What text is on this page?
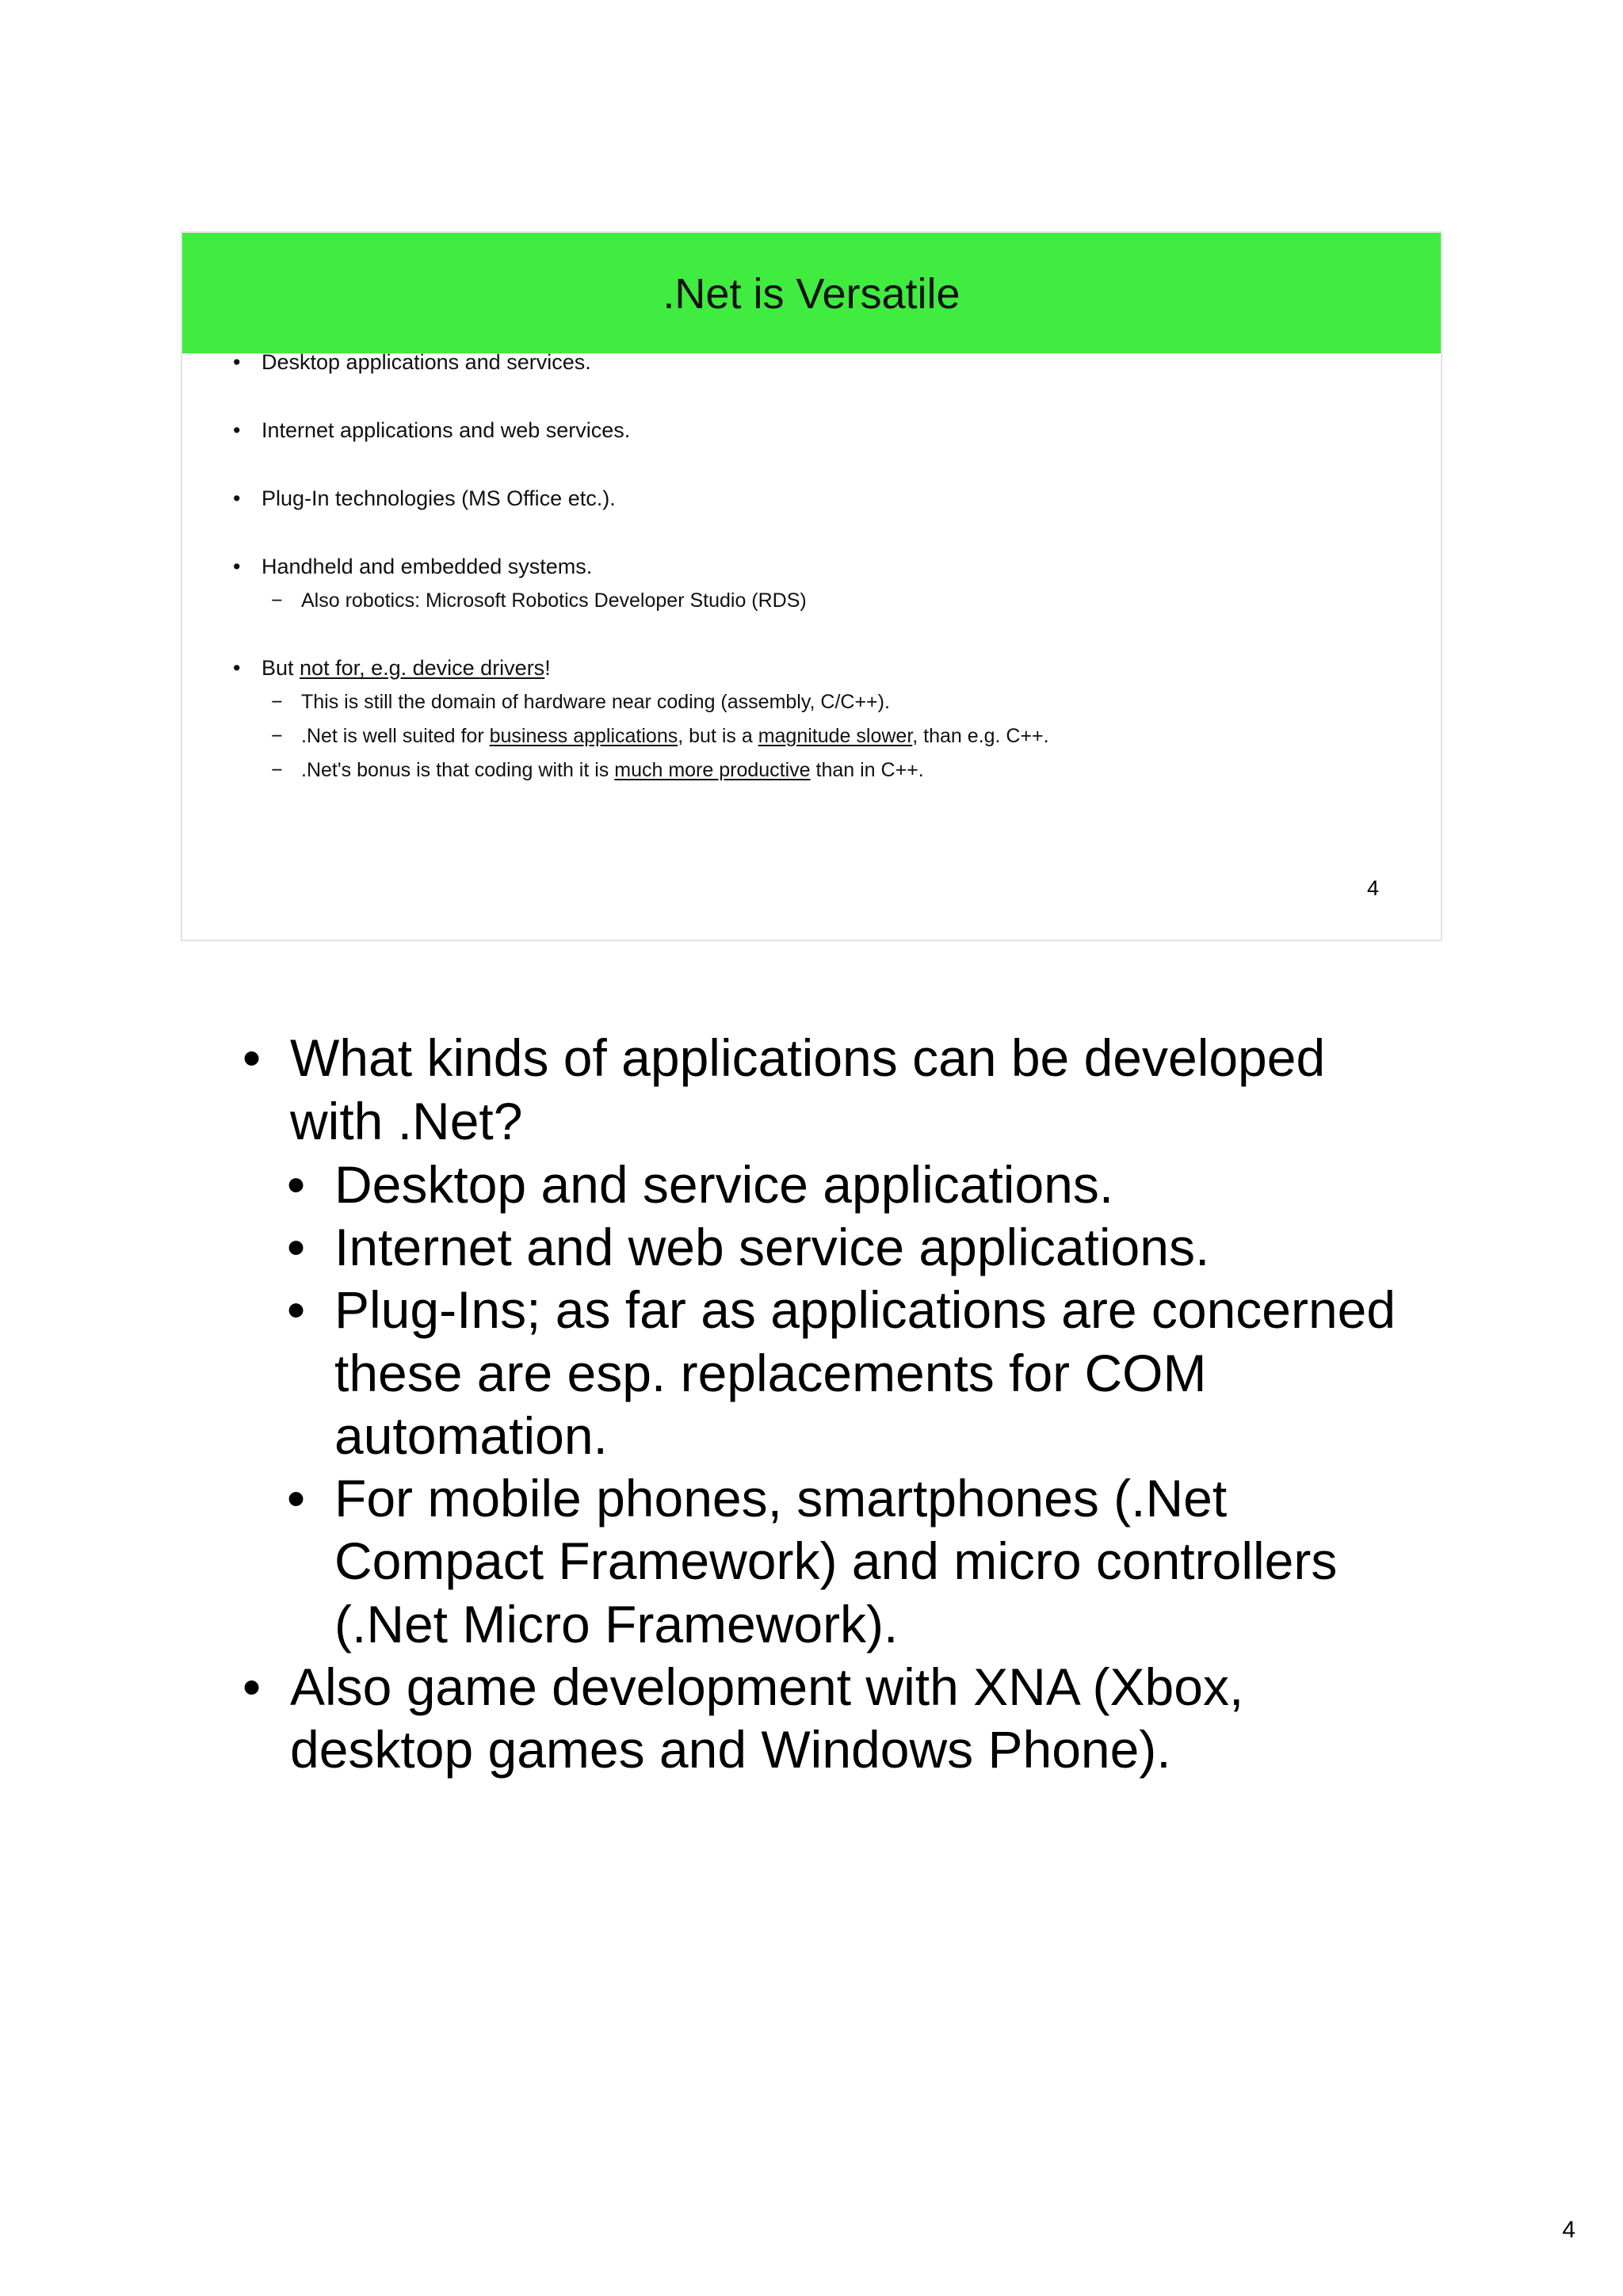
.Net is Versatile
• Desktop applications and services.
• Internet applications and web services.
• Plug-In technologies (MS Office etc.).
• Handheld and embedded systems.
− Also robotics: Microsoft Robotics Developer Studio (RDS)
• But not for, e.g. device drivers!
− This is still the domain of hardware near coding (assembly, C/C++).
− .Net is well suited for business applications, but is a magnitude slower, than e.g. C++.
− .Net's bonus is that coding with it is much more productive than in C++.
4
• What kinds of applications can be developed
with .Net?
• Desktop and service applications.
• Internet and web service applications.
• Plug-Ins; as far as applications are concerned
these are esp. replacements for COM
automation.
• For mobile phones, smartphones (.Net
Compact Framework) and micro controllers
(.Net Micro Framework).
• Also game development with XNA (Xbox,
desktop games and Windows Phone).
4
